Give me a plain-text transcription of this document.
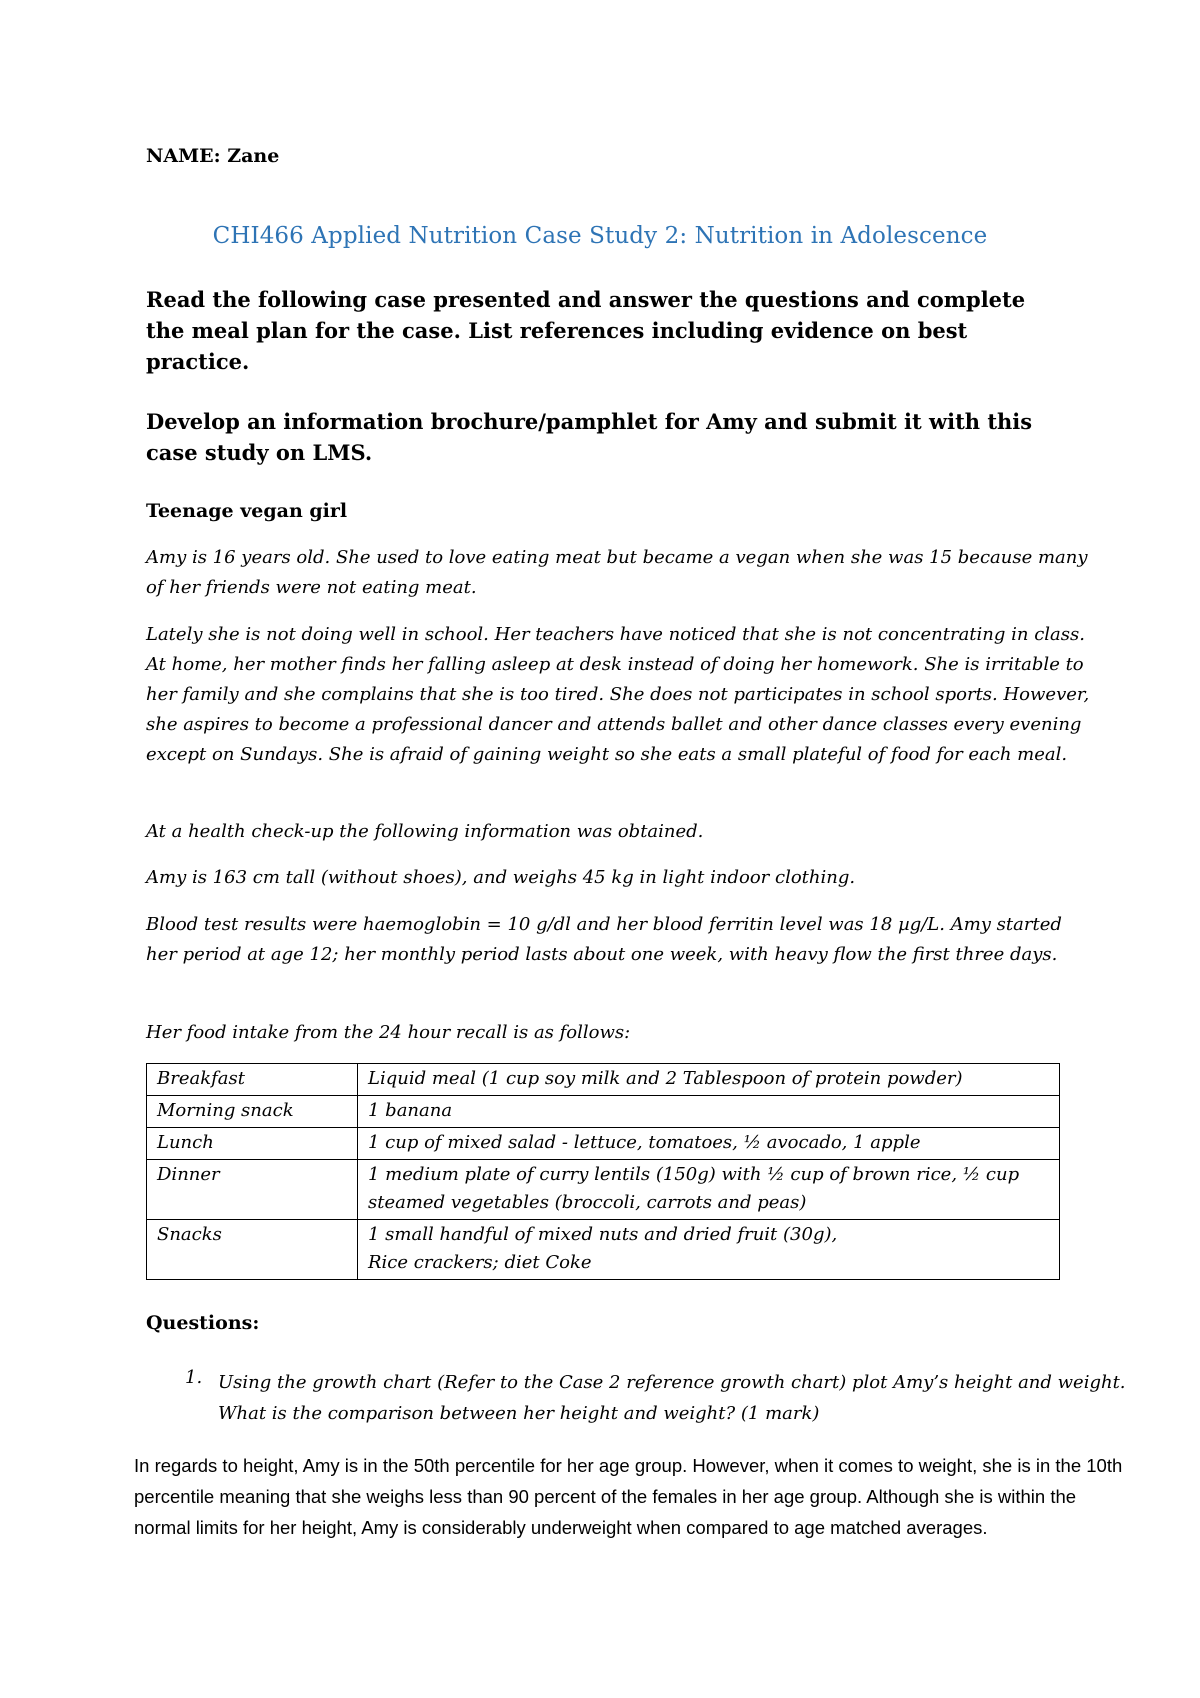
NAME: Zane
CHI466 Applied Nutrition Case Study 2: Nutrition in Adolescence
Read the following case presented and answer the questions and complete the meal plan for the case. List references including evidence on best practice.
Develop an information brochure/pamphlet for Amy and submit it with this case study on LMS.
Teenage vegan girl

Amy is 16 years old. She used to love eating meat but became a vegan when she was 15 because many of her friends were not eating meat.

Lately she is not doing well in school. Her teachers have noticed that she is not concentrating in class. At home, her mother finds her falling asleep at desk instead of doing her homework. She is irritable to her family and she complains that she is too tired. She does not participates in school sports. However, she aspires to become a professional dancer and attends ballet and other dance classes every evening except on Sundays. She is afraid of gaining weight so she eats a small plateful of food for each meal.

At a health check-up the following information was obtained.

Amy is 163 cm tall (without shoes), and weighs 45 kg in light indoor clothing.

Blood test results were haemoglobin = 10 g/dl and her blood ferritin level was 18 µg/L. Amy started her period at age 12; her monthly period lasts about one week, with heavy flow the first three days.

Her food intake from the 24 hour recall is as follows:

Breakfast	Liquid meal (1 cup soy milk and 2 Tablespoon of protein powder)
Morning snack	1 banana
Lunch	1 cup of mixed salad - lettuce, tomatoes, ½ avocado, 1 apple
Dinner	1 medium plate of curry lentils (150g) with ½ cup of brown rice, ½ cup steamed vegetables (broccoli, carrots and peas)
Snacks	1 small handful of mixed nuts and dried fruit (30g),
Rice crackers; diet Coke
Questions:
1. Using the growth chart (Refer to the Case 2 reference growth chart) plot Amy’s height and weight. What is the comparison between her height and weight? (1 mark)
In regards to height, Amy is in the 50th percentile for her age group. However, when it comes to weight, she is in the 10th percentile meaning that she weighs less than 90 percent of the females in her age group. Although she is within the normal limits for her height, Amy is considerably underweight when compared to age matched averages.
